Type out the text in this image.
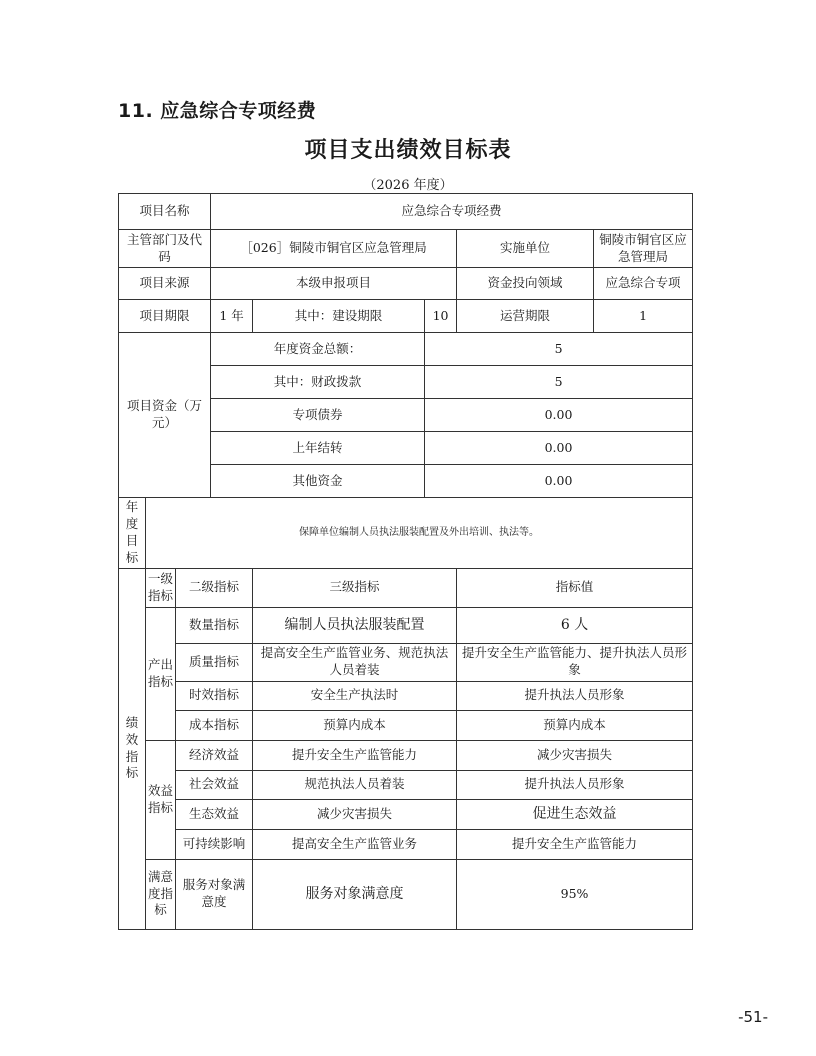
11. 应急综合专项经费
项目支出绩效目标表
（2026 年度）
项目名称			应急综合专项经费				
主管部门及代码			［026］铜陵市铜官区应急管理局			实施单位	铜陵市铜官区应急管理局
项目来源			本级申报项目			资金投向领域	应急综合专项
项目期限			1 年	其中：建设期限	10	运营期限	1
项目资金（万元）			年度资金总额：		5		
			其中：财政拨款		5		
			专项债券		0.00		
			上年结转		0.00		
			其他资金		0.00		
年度目标	保障单位编制人员执法服装配置及外出培训、执法等。						
绩效指标	一级指标	二级指标		三级指标		指标值	
	产出指标	数量指标		编制人员执法服装配置		6 人	
		质量指标		提高安全生产监管业务、规范执法人员着装		提升安全生产监管能力、提升执法人员形象	
		时效指标		安全生产执法时		提升执法人员形象	
		成本指标		预算内成本		预算内成本	
	效益指标	经济效益		提升安全生产监管能力		减少灾害损失	
		社会效益		规范执法人员着装		提升执法人员形象	
		生态效益		减少灾害损失		促进生态效益	
		可持续影响		提高安全生产监管业务		提升安全生产监管能力	
	满意度指标	服务对象满意度		服务对象满意度		95%	
-51-
